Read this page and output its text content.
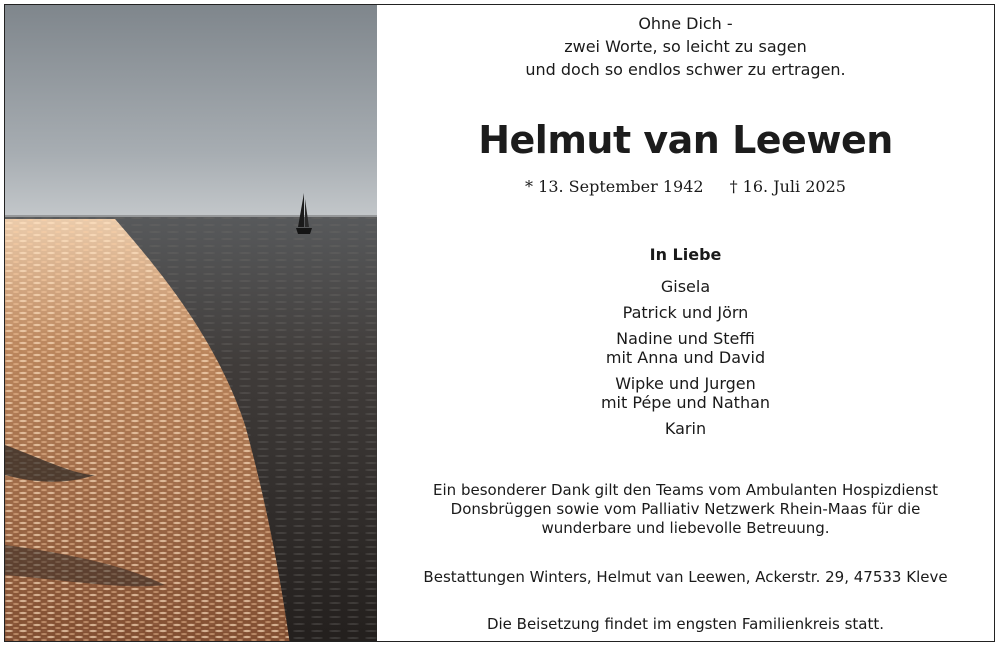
Ohne Dich -
zwei Worte, so leicht zu sagen
und doch so endlos schwer zu ertragen.
Helmut van Leewen
* 13. September 1942 † 16. Juli 2025
In Liebe
Gisela
Patrick und Jörn
Nadine und Steffi
mit Anna und David
Wipke und Jurgen
mit Pépe und Nathan
Karin
Ein besonderer Dank gilt den Teams vom Ambulanten Hospizdienst
Donsbrüggen sowie vom Palliativ Netzwerk Rhein-Maas für die
wunderbare und liebevolle Betreuung.
Bestattungen Winters, Helmut van Leewen, Ackerstr. 29, 47533 Kleve
Die Beisetzung findet im engsten Familienkreis statt.
